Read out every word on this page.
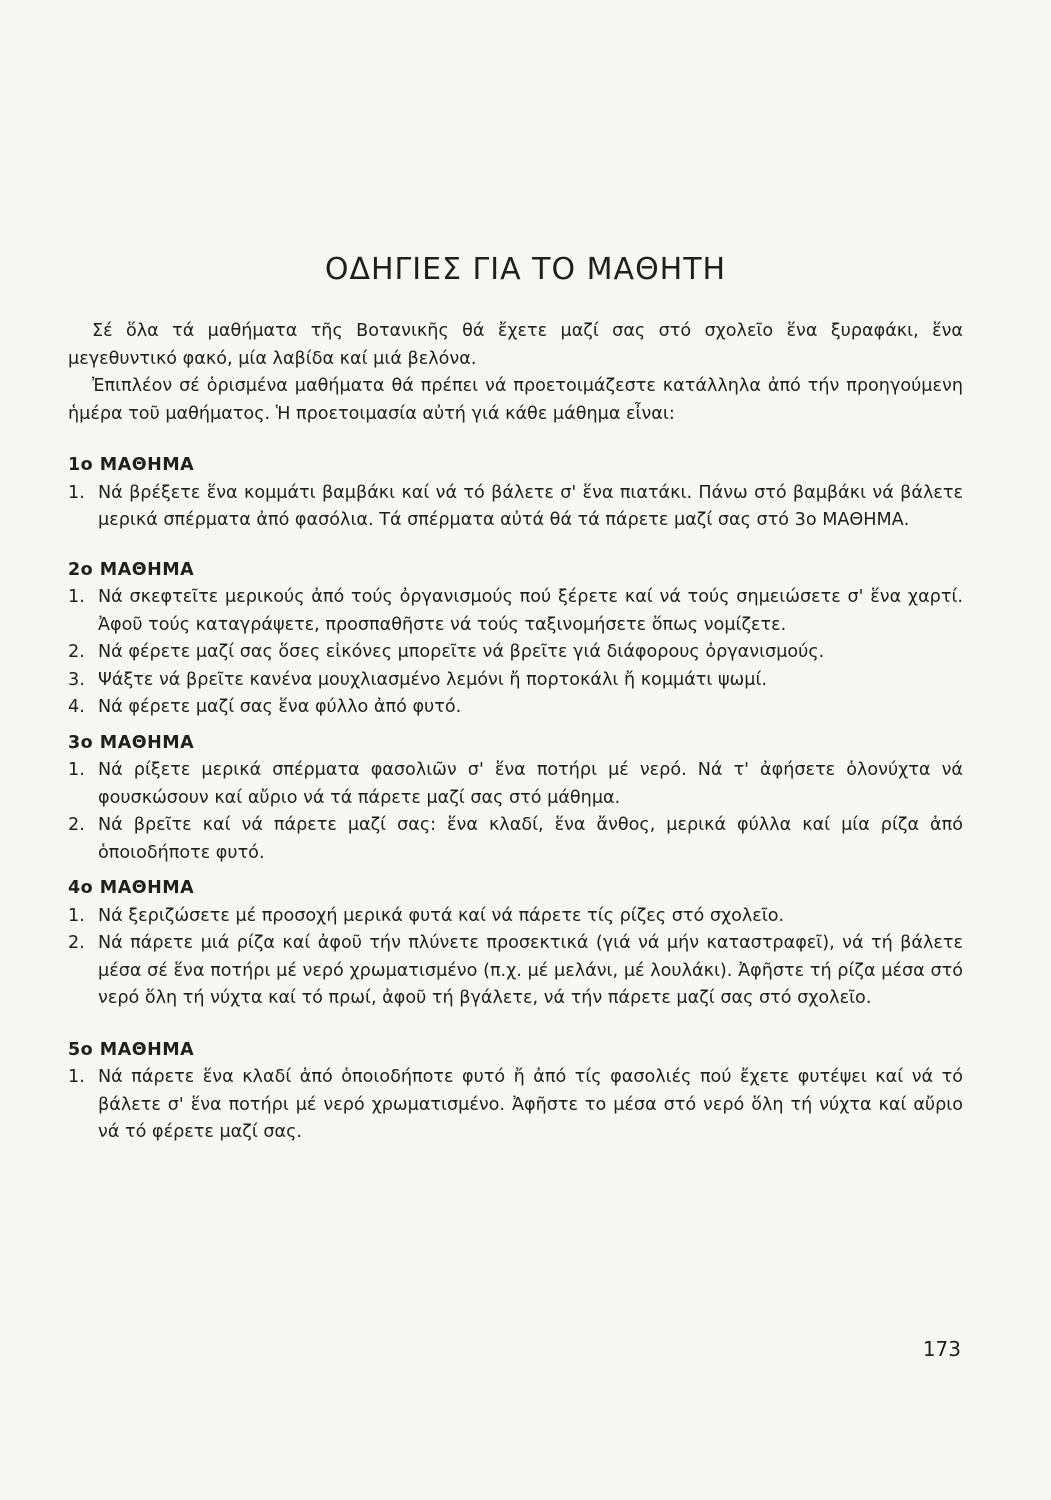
ΟΔΗΓΙΕΣ ΓΙΑ ΤΟ ΜΑΘΗΤΗ

Σέ ὅλα τά μαθήματα τῆς Βοτανικῆς θά ἔχετε μαζί σας στό σχολεῖο ἕνα ξυραφάκι, ἕνα μεγεθυντικό φακό, μία λαβίδα καί μιά βελόνα.

Ἐπιπλέον σέ ὁρισμένα μαθήματα θά πρέπει νά προετοιμάζεστε κατάλληλα ἀπό τήν προηγούμενη ἡμέρα τοῦ μαθήματος. Ἡ προετοιμασία αὐτή γιά κάθε μάθημα εἶναι:

1ο ΜΑΘΗΜΑ
1. Νά βρέξετε ἕνα κομμάτι βαμβάκι καί νά τό βάλετε σ' ἕνα πιατάκι. Πάνω στό βαμβάκι νά βάλετε μερικά σπέρματα ἀπό φασόλια. Τά σπέρματα αὐτά θά τά πάρετε μαζί σας στό 3ο ΜΑΘΗΜΑ.
2ο ΜΑΘΗΜΑ
1. Νά σκεφτεῖτε μερικούς ἀπό τούς ὀργανισμούς πού ξέρετε καί νά τούς σημειώσετε σ' ἕνα χαρτί. Ἀφοῦ τούς καταγράψετε, προσπαθῆστε νά τούς ταξινομήσετε ὅπως νομίζετε.
2. Νά φέρετε μαζί σας ὅσες εἰκόνες μπορεῖτε νά βρεῖτε γιά διάφορους ὀργανισμούς.
3. Ψάξτε νά βρεῖτε κανένα μουχλιασμένο λεμόνι ἤ πορτοκάλι ἤ κομμάτι ψωμί.
4. Νά φέρετε μαζί σας ἕνα φύλλο ἀπό φυτό.
3ο ΜΑΘΗΜΑ
1. Νά ρίξετε μερικά σπέρματα φασολιῶν σ' ἕνα ποτήρι μέ νερό. Νά τ' ἀφήσετε ὁλονύχτα νά φουσκώσουν καί αὔριο νά τά πάρετε μαζί σας στό μάθημα.
2. Νά βρεῖτε καί νά πάρετε μαζί σας: ἕνα κλαδί, ἕνα ἄνθος, μερικά φύλλα καί μία ρίζα ἀπό ὁποιοδήποτε φυτό.
4ο ΜΑΘΗΜΑ
1. Νά ξεριζώσετε μέ προσοχή μερικά φυτά καί νά πάρετε τίς ρίζες στό σχολεῖο.
2. Νά πάρετε μιά ρίζα καί ἀφοῦ τήν πλύνετε προσεκτικά (γιά νά μήν καταστραφεῖ), νά τή βάλετε μέσα σέ ἕνα ποτήρι μέ νερό χρωματισμένο (π.χ. μέ μελάνι, μέ λουλάκι). Ἀφῆστε τή ρίζα μέσα στό νερό ὅλη τή νύχτα καί τό πρωί, ἀφοῦ τή βγάλετε, νά τήν πάρετε μαζί σας στό σχολεῖο.
5ο ΜΑΘΗΜΑ
1. Νά πάρετε ἕνα κλαδί ἀπό ὁποιοδήποτε φυτό ἤ ἀπό τίς φασολιές πού ἔχετε φυτέψει καί νά τό βάλετε σ' ἕνα ποτήρι μέ νερό χρωματισμένο. Ἀφῆστε το μέσα στό νερό ὅλη τή νύχτα καί αὔριο νά τό φέρετε μαζί σας.
173
